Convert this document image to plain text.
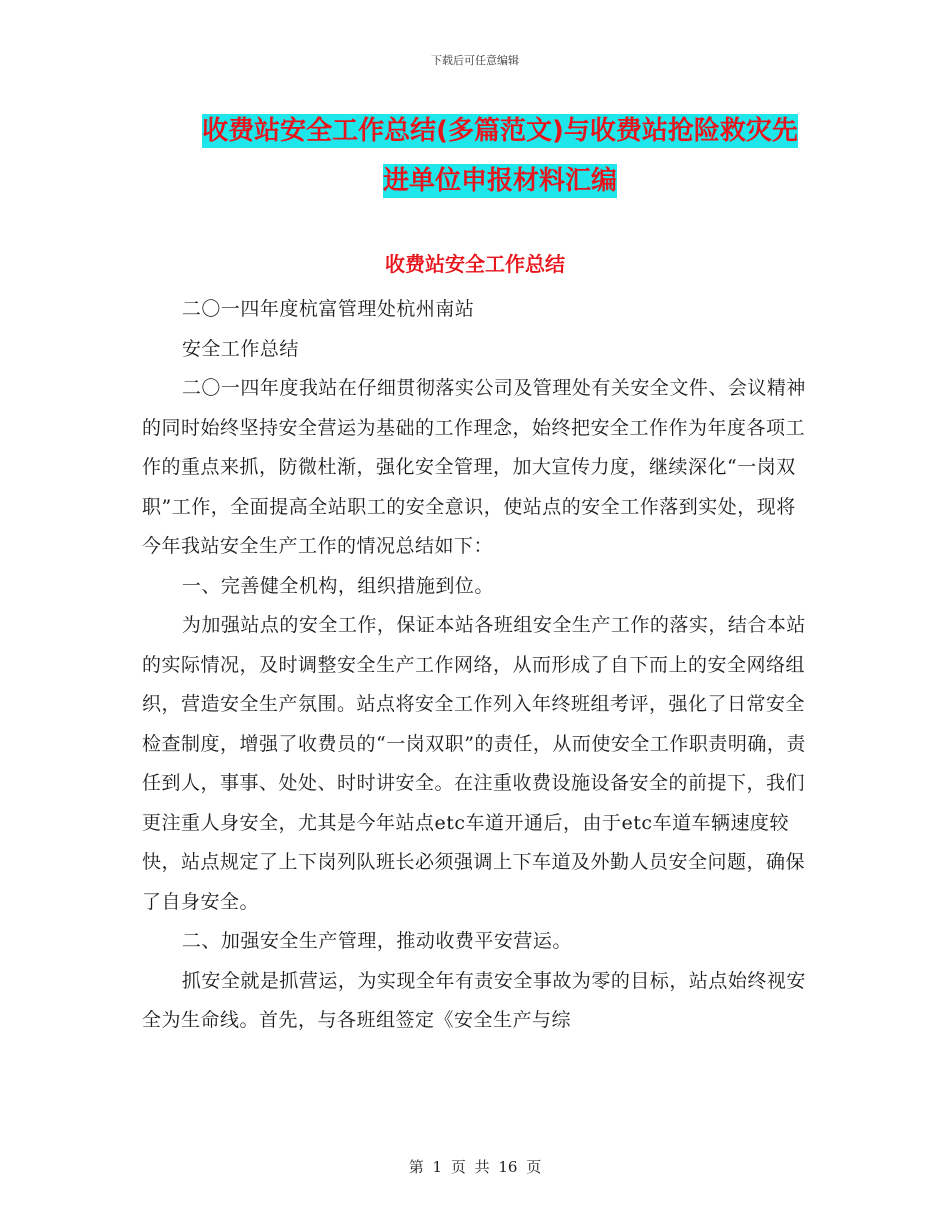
下载后可任意编辑
收费站安全工作总结(多篇范文)与收费站抢险救灾先
进单位申报材料汇编
收费站安全工作总结

二〇一四年度杭富管理处杭州南站

安全工作总结

二〇一四年度我站在仔细贯彻落实公司及管理处有关安全文件、会议精神的同时始终坚持安全营运为基础的工作理念，始终把安全工作作为年度各项工作的重点来抓，防微杜渐，强化安全管理，加大宣传力度，继续深化“一岗双职”工作，全面提高全站职工的安全意识，使站点的安全工作落到实处，现将今年我站安全生产工作的情况总结如下：

一、完善健全机构，组织措施到位。

为加强站点的安全工作，保证本站各班组安全生产工作的落实，结合本站的实际情况，及时调整安全生产工作网络，从而形成了自下而上的安全网络组织，营造安全生产氛围。站点将安全工作列入年终班组考评，强化了日常安全检查制度，增强了收费员的“一岗双职”的责任，从而使安全工作职责明确，责任到人，事事、处处、时时讲安全。在注重收费设施设备安全的前提下，我们更注重人身安全，尤其是今年站点etc车道开通后，由于etc车道车辆速度较快，站点规定了上下岗列队班长必须强调上下车道及外勤人员安全问题，确保了自身安全。

二、加强安全生产管理，推动收费平安营运。

抓安全就是抓营运，为实现全年有责安全事故为零的目标，站点始终视安全为生命线。首先，与各班组签定《安全生产与综

第 1 页 共 16 页
